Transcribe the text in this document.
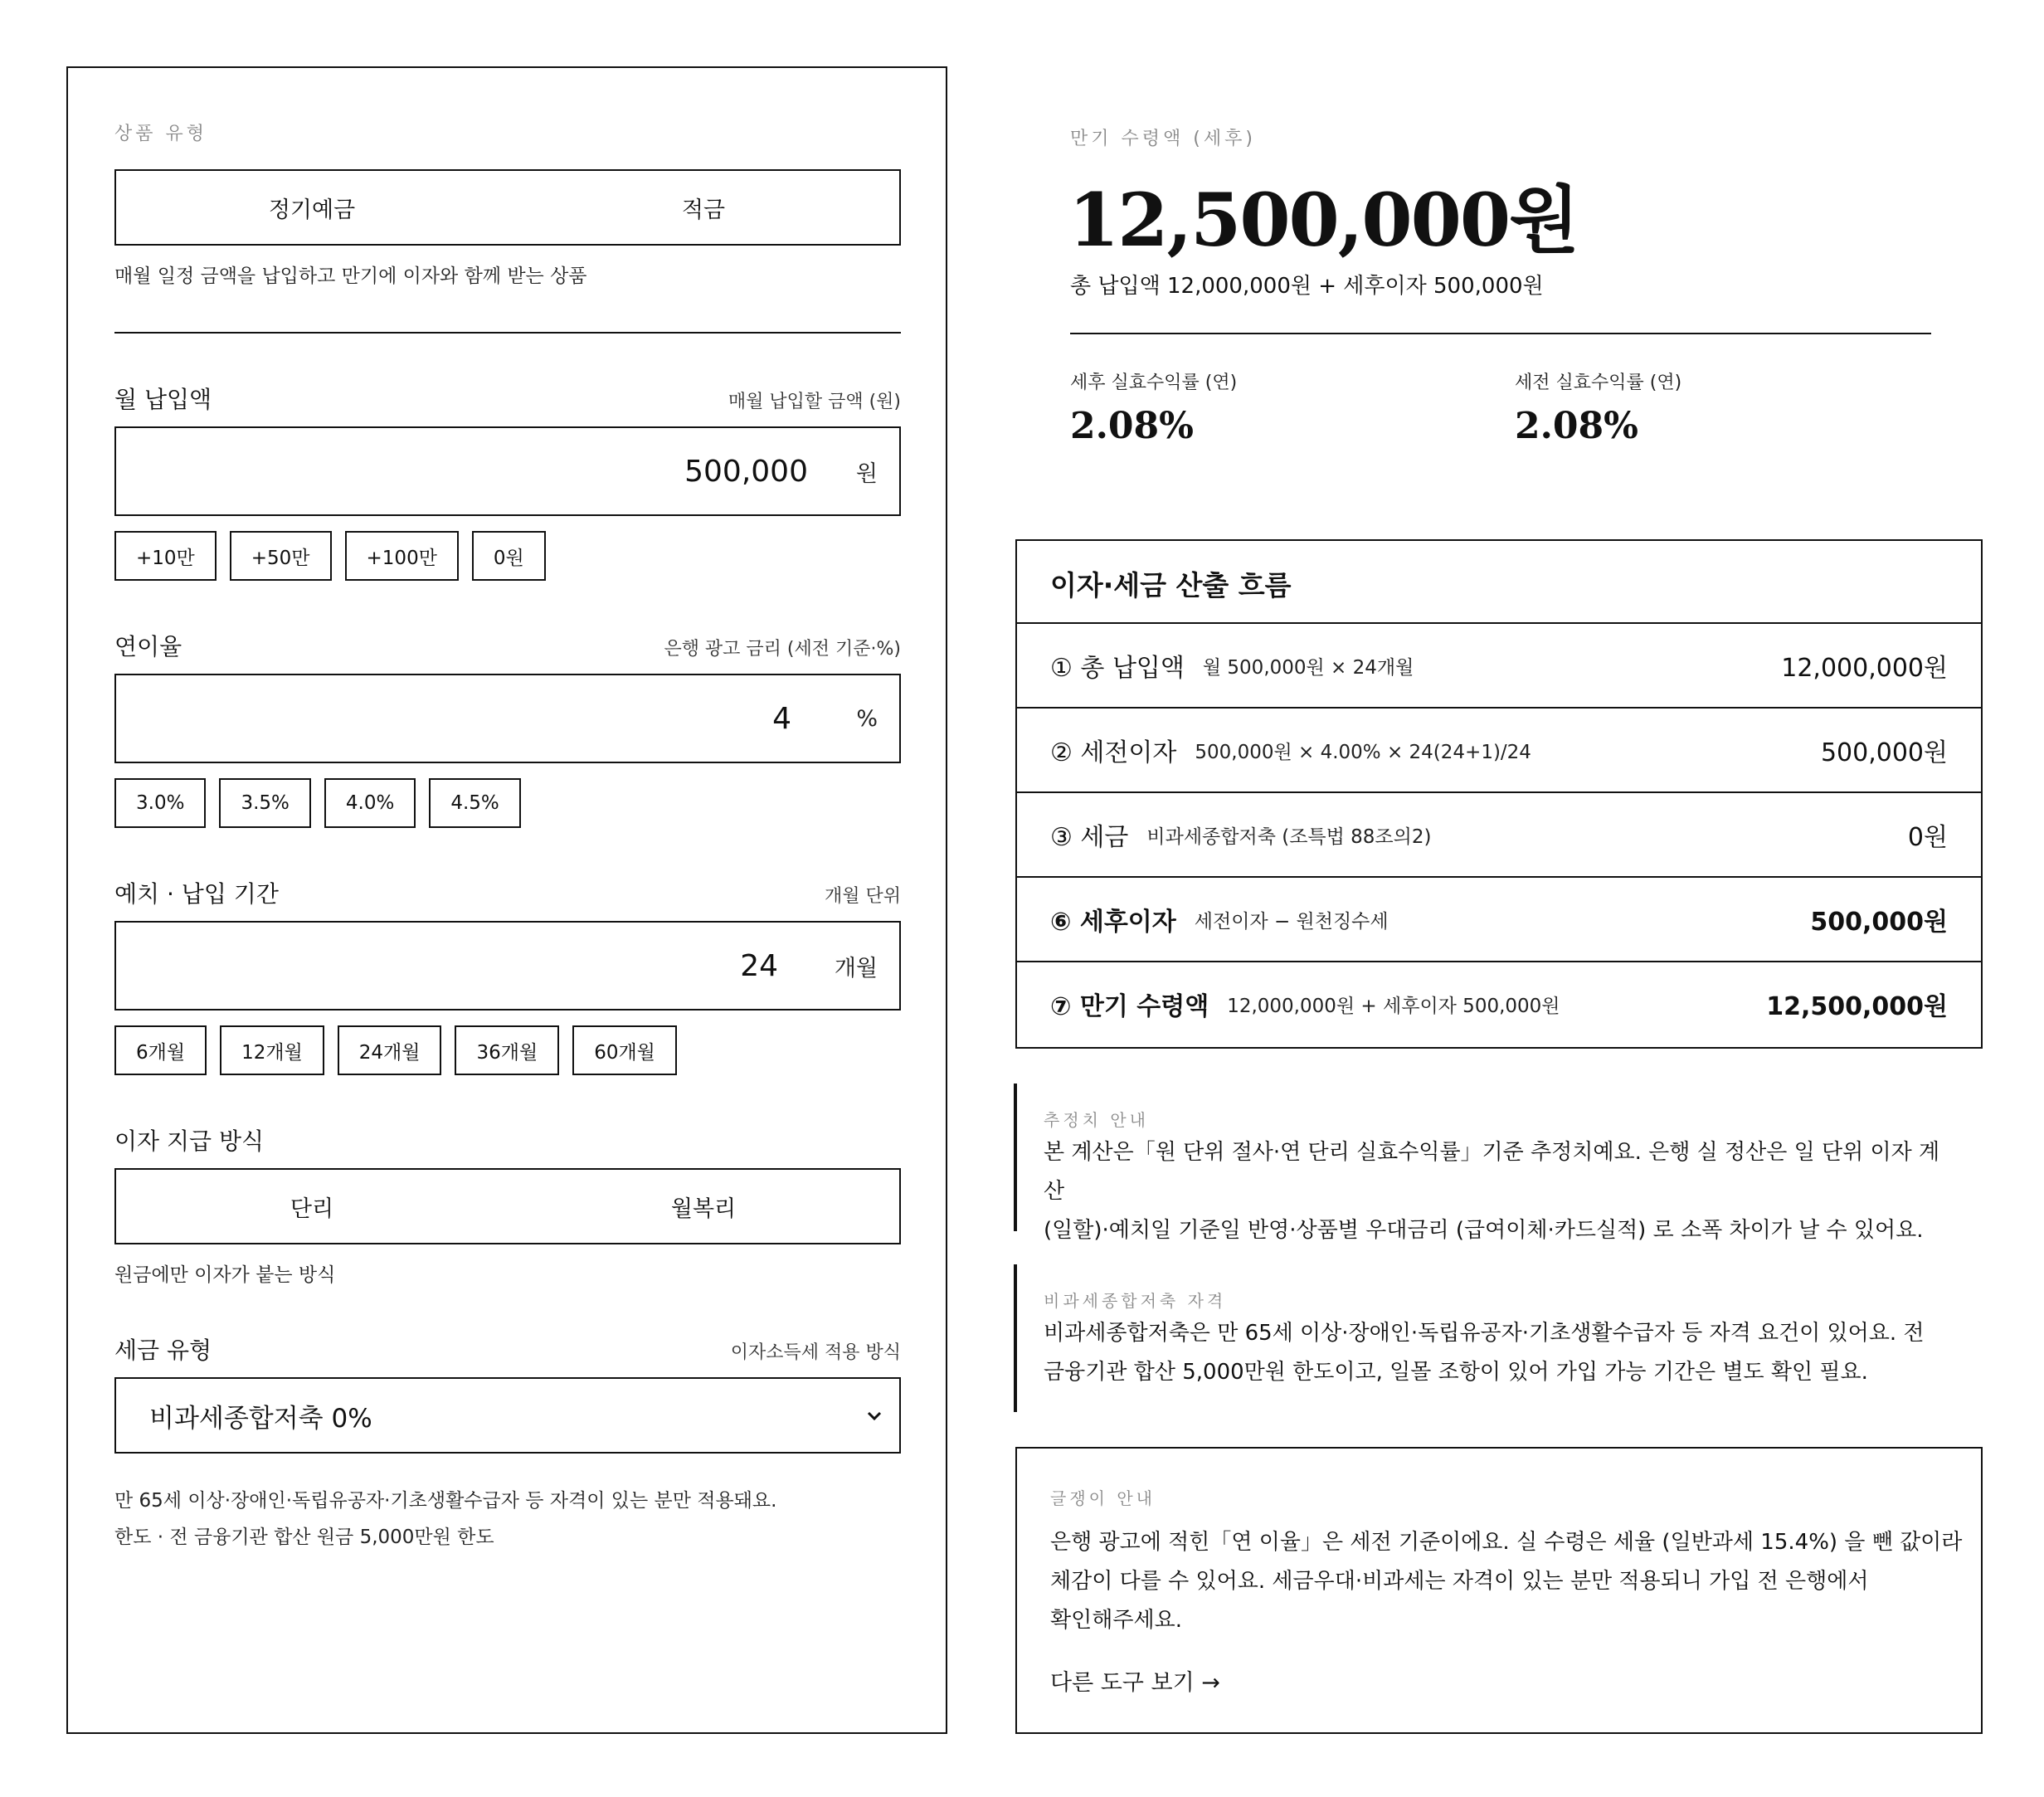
상품 유형
정기예금	적금
매월 일정 금액을 납입하고 만기에 이자와 함께 받는 상품
월 납입액	매월 납입할 금액 (원)
500,000	원
+10만	+50만	+100만	0원
연이율	은행 광고 금리 (세전 기준·%)
4	%
3.0%	3.5%	4.0%	4.5%
예치 · 납입 기간	개월 단위
24	개월
6개월	12개월	24개월	36개월	60개월
이자 지급 방식
단리	월복리
원금에만 이자가 붙는 방식
세금 유형	이자소득세 적용 방식
비과세종합저축 0%
만 65세 이상·장애인·독립유공자·기초생활수급자 등 자격이 있는 분만 적용돼요.
한도 · 전 금융기관 합산 원금 5,000만원 한도
만기 수령액 (세후)
12,500,000원
총 납입액 12,000,000원 + 세후이자 500,000원
세후 실효수익률 (연)
2.08%
세전 실효수익률 (연)
2.08%
이자·세금 산출 흐름
① 총 납입액 월 500,000원 × 24개월	12,000,000원
② 세전이자 500,000원 × 4.00% × 24(24+1)/24	500,000원
③ 세금 비과세종합저축 (조특법 88조의2)	0원
⑥ 세후이자 세전이자 − 원천징수세	500,000원
⑦ 만기 수령액 12,000,000원 + 세후이자 500,000원	12,500,000원
추정치 안내
본 계산은「원 단위 절사·연 단리 실효수익률」기준 추정치예요. 은행 실 정산은 일 단위 이자 계산
(일할)·예치일 기준일 반영·상품별 우대금리 (급여이체·카드실적) 로 소폭 차이가 날 수 있어요.
비과세종합저축 자격
비과세종합저축은 만 65세 이상·장애인·독립유공자·기초생활수급자 등 자격 요건이 있어요. 전
금융기관 합산 5,000만원 한도이고, 일몰 조항이 있어 가입 가능 기간은 별도 확인 필요.
글쟁이 안내
은행 광고에 적힌「연 이율」은 세전 기준이에요. 실 수령은 세율 (일반과세 15.4%) 을 뺀 값이라
체감이 다를 수 있어요. 세금우대·비과세는 자격이 있는 분만 적용되니 가입 전 은행에서
확인해주세요.
다른 도구 보기 →
